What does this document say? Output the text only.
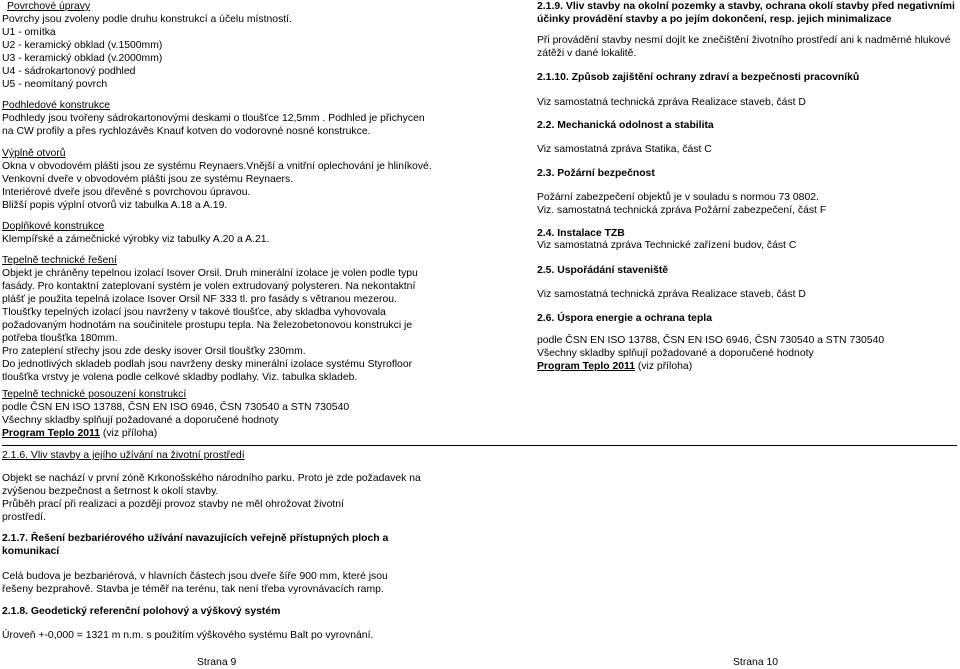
Povrchové úpravy
Povrchy jsou zvoleny podle druhu konstrukcí a účelu místností.
U1 - omítka
U2 - keramický obklad (v.1500mm)
U3 - keramický obklad (v.2000mm)
U4 - sádrokartonový podhled
U5 - neomítaný povrch
Podhledové konstrukce
Podhledy jsou tvořeny sádrokartonovými deskami o tloušťce 12,5mm . Podhled je přichycen
na CW profily a přes rychlozávěs Knauf kotven do vodorovné nosné konstrukce.
Výplně otvorů
Okna v obvodovém plášti jsou ze systému Reynaers.Vnější a vnitřní oplechování je hliníkové.
Venkovní dveře v obvodovém plášti jsou ze systému Reynaers.
Interiérové dveře jsou dřevěné s povrchovou úpravou.
Bližší popis výplní otvorů viz tabulka A.18 a A.19.
Doplňkové konstrukce
Klempířské a zámečnické výrobky viz tabulky A.20 a A.21.
Tepelně technické řešení
Objekt je chráněny tepelnou izolací Isover Orsil. Druh minerální izolace je volen podle typu
fasády. Pro kontaktní zateplovaní systém je volen extrudovaný polysteren. Na nekontaktní
plášť je použita tepelná izolace Isover Orsil NF 333 tl. pro fasády s větranou mezerou.
Tloušťky tepelných izolací jsou navrženy v takové tloušťce, aby skladba vyhovovala
požadovaným hodnotám na součinitele prostupu tepla. Na železobetonovou konstrukci je
potřeba tloušťka 180mm.
Pro zateplení střechy jsou zde desky isover Orsil tloušťky 230mm.
Do jednotlivých skladeb podlah jsou navrženy desky minerální izolace systému Styrofloor
tloušťka vrstvy je volena podle celkové skladby podlahy. Viz. tabulka skladeb.
Tepelně technické posouzení konstrukcí
podle ČSN EN ISO 13788, ČSN EN ISO 6946, ČSN 730540 a STN 730540
Všechny skladby splňují požadované a doporučené hodnoty
Program Teplo 2011 (viz příloha)
2.1.6. Vliv stavby a jejího užívání na životní prostředí
Objekt se nachází v první zóně Krkonošského národního parku. Proto je zde požadavek na
zvýšenou bezpečnost a šetrnost k okolí stavby.
Průběh prací při realizaci a později provoz stavby ne měl ohrožovat životní
prostředí.
2.1.7. Řešení bezbariérového užívání navazujících veřejně přístupných ploch a
komunikací
Celá budova je bezbariérová, v hlavních částech jsou dveře šíře 900 mm, které jsou
řešeny bezprahově. Stavba je téměř na terénu, tak není třeba vyrovnávacích ramp.
2.1.8. Geodetický referenční polohový a výškový systém
Úroveň +-0,000 = 1321 m n.m. s použitím výškového systému Balt po vyrovnání.
Strana 9
2.1.9. Vliv stavby na okolní pozemky a stavby, ochrana okolí stavby před negativními
účinky provádění stavby a po jejím dokončení, resp. jejich minimalizace
Při provádění stavby nesmí dojít ke znečištění životního prostředí ani k nadměrné hlukové
zátěži v dané lokalitě.
2.1.10. Způsob zajištění ochrany zdraví a bezpečnosti pracovníků
Viz samostatná technická zpráva Realizace staveb, část D
2.2. Mechanická odolnost a stabilita
Viz samostatná zpráva Statika, část C
2.3. Požární bezpečnost
Požární zabezpečení objektů je v souladu s normou 73 0802.
Viz. samostatná technická zpráva Požární zabezpečení, část F
2.4. Instalace TZB
Viz samostatná zpráva Technické zařízení budov, část C
2.5. Uspořádání staveniště
Viz samostatná technická zpráva Realizace staveb, část D
2.6. Úspora energie a ochrana tepla
podle ČSN EN ISO 13788, ČSN EN ISO 6946, ČSN 730540 a STN 730540
Všechny skladby splňují požadované a doporučené hodnoty
Program Teplo 2011 (viz příloha)
Strana 10
